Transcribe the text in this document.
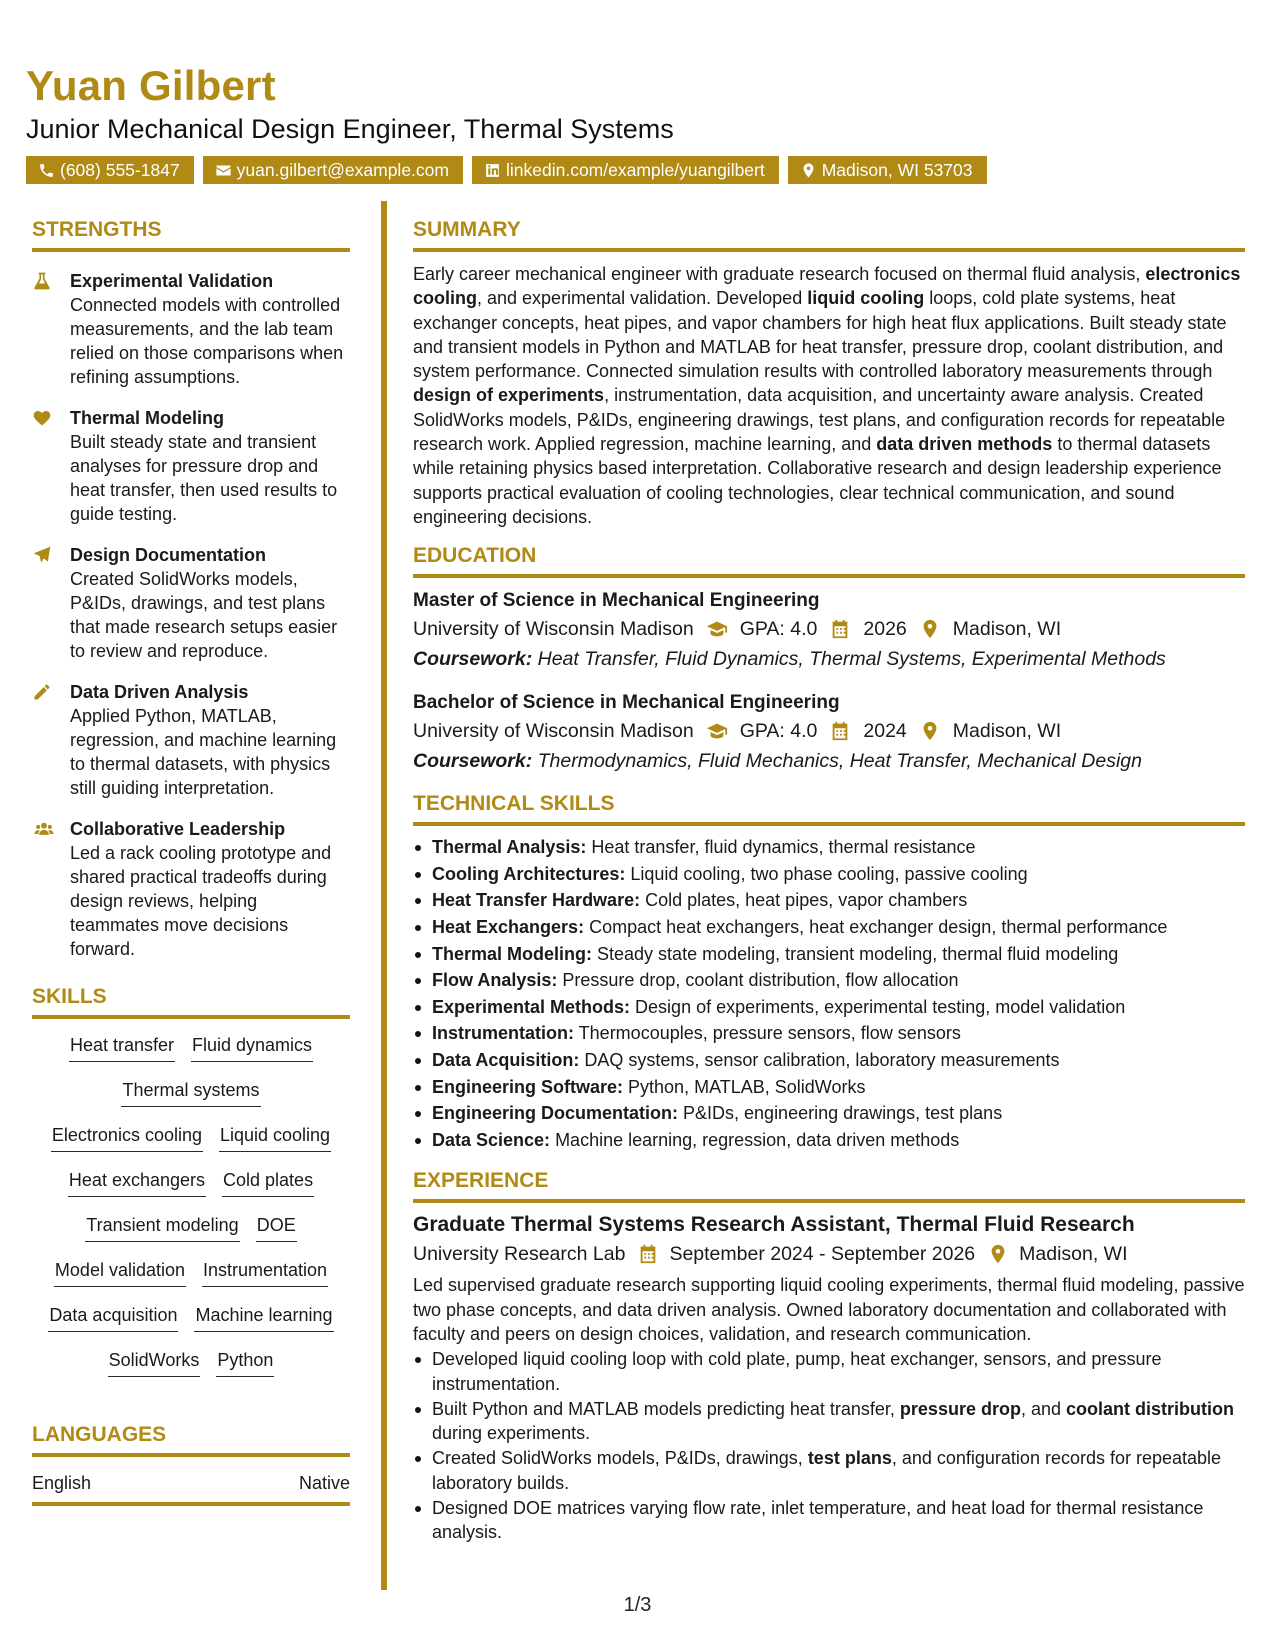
Yuan Gilbert
Junior Mechanical Design Engineer, Thermal Systems
(608) 555-1847	yuan.gilbert@example.com	linkedin.com/example/yuangilbert	Madison, WI 53703
STRENGTHS
Experimental Validation
Connected models with controlled measurements, and the lab team relied on those comparisons when refining assumptions.
Thermal Modeling
Built steady state and transient analyses for pressure drop and heat transfer, then used results to guide testing.
Design Documentation
Created SolidWorks models, P&IDs, drawings, and test plans that made research setups easier to review and reproduce.
Data Driven Analysis
Applied Python, MATLAB, regression, and machine learning to thermal datasets, with physics still guiding interpretation.
Collaborative Leadership
Led a rack cooling prototype and shared practical tradeoffs during design reviews, helping teammates move decisions forward.
SKILLS
Heat transfer Fluid dynamics
Thermal systems
Electronics cooling Liquid cooling
Heat exchangers Cold plates
Transient modeling DOE
Model validation Instrumentation
Data acquisition Machine learning
SolidWorks Python
LANGUAGES
English	Native
SUMMARY

Early career mechanical engineer with graduate research focused on thermal fluid analysis, electronics cooling, and experimental validation. Developed liquid cooling loops, cold plate systems, heat exchanger concepts, heat pipes, and vapor chambers for high heat flux applications. Built steady state and transient models in Python and MATLAB for heat transfer, pressure drop, coolant distribution, and system performance. Connected simulation results with controlled laboratory measurements through design of experiments, instrumentation, data acquisition, and uncertainty aware analysis. Created SolidWorks models, P&IDs, engineering drawings, test plans, and configuration records for repeatable research work. Applied regression, machine learning, and data driven methods to thermal datasets while retaining physics based interpretation. Collaborative research and design leadership experience supports practical evaluation of cooling technologies, clear technical communication, and sound engineering decisions.

EDUCATION
Master of Science in Mechanical Engineering
University of Wisconsin Madison GPA: 4.0 2026 Madison, WI
Coursework: Heat Transfer, Fluid Dynamics, Thermal Systems, Experimental Methods
Bachelor of Science in Mechanical Engineering
University of Wisconsin Madison GPA: 4.0 2024 Madison, WI
Coursework: Thermodynamics, Fluid Mechanics, Heat Transfer, Mechanical Design
TECHNICAL SKILLS
Thermal Analysis: Heat transfer, fluid dynamics, thermal resistance
Cooling Architectures: Liquid cooling, two phase cooling, passive cooling
Heat Transfer Hardware: Cold plates, heat pipes, vapor chambers
Heat Exchangers: Compact heat exchangers, heat exchanger design, thermal performance
Thermal Modeling: Steady state modeling, transient modeling, thermal fluid modeling
Flow Analysis: Pressure drop, coolant distribution, flow allocation
Experimental Methods: Design of experiments, experimental testing, model validation
Instrumentation: Thermocouples, pressure sensors, flow sensors
Data Acquisition: DAQ systems, sensor calibration, laboratory measurements
Engineering Software: Python, MATLAB, SolidWorks
Engineering Documentation: P&IDs, engineering drawings, test plans
Data Science: Machine learning, regression, data driven methods
EXPERIENCE
Graduate Thermal Systems Research Assistant, Thermal Fluid Research
University Research Lab September 2024 - September 2026 Madison, WI

Led supervised graduate research supporting liquid cooling experiments, thermal fluid modeling, passive two phase concepts, and data driven analysis. Owned laboratory documentation and collaborated with faculty and peers on design choices, validation, and research communication.

Developed liquid cooling loop with cold plate, pump, heat exchanger, sensors, and pressure instrumentation.
Built Python and MATLAB models predicting heat transfer, pressure drop, and coolant distribution during experiments.
Created SolidWorks models, P&IDs, drawings, test plans, and configuration records for repeatable laboratory builds.
Designed DOE matrices varying flow rate, inlet temperature, and heat load for thermal resistance analysis.
1/3
